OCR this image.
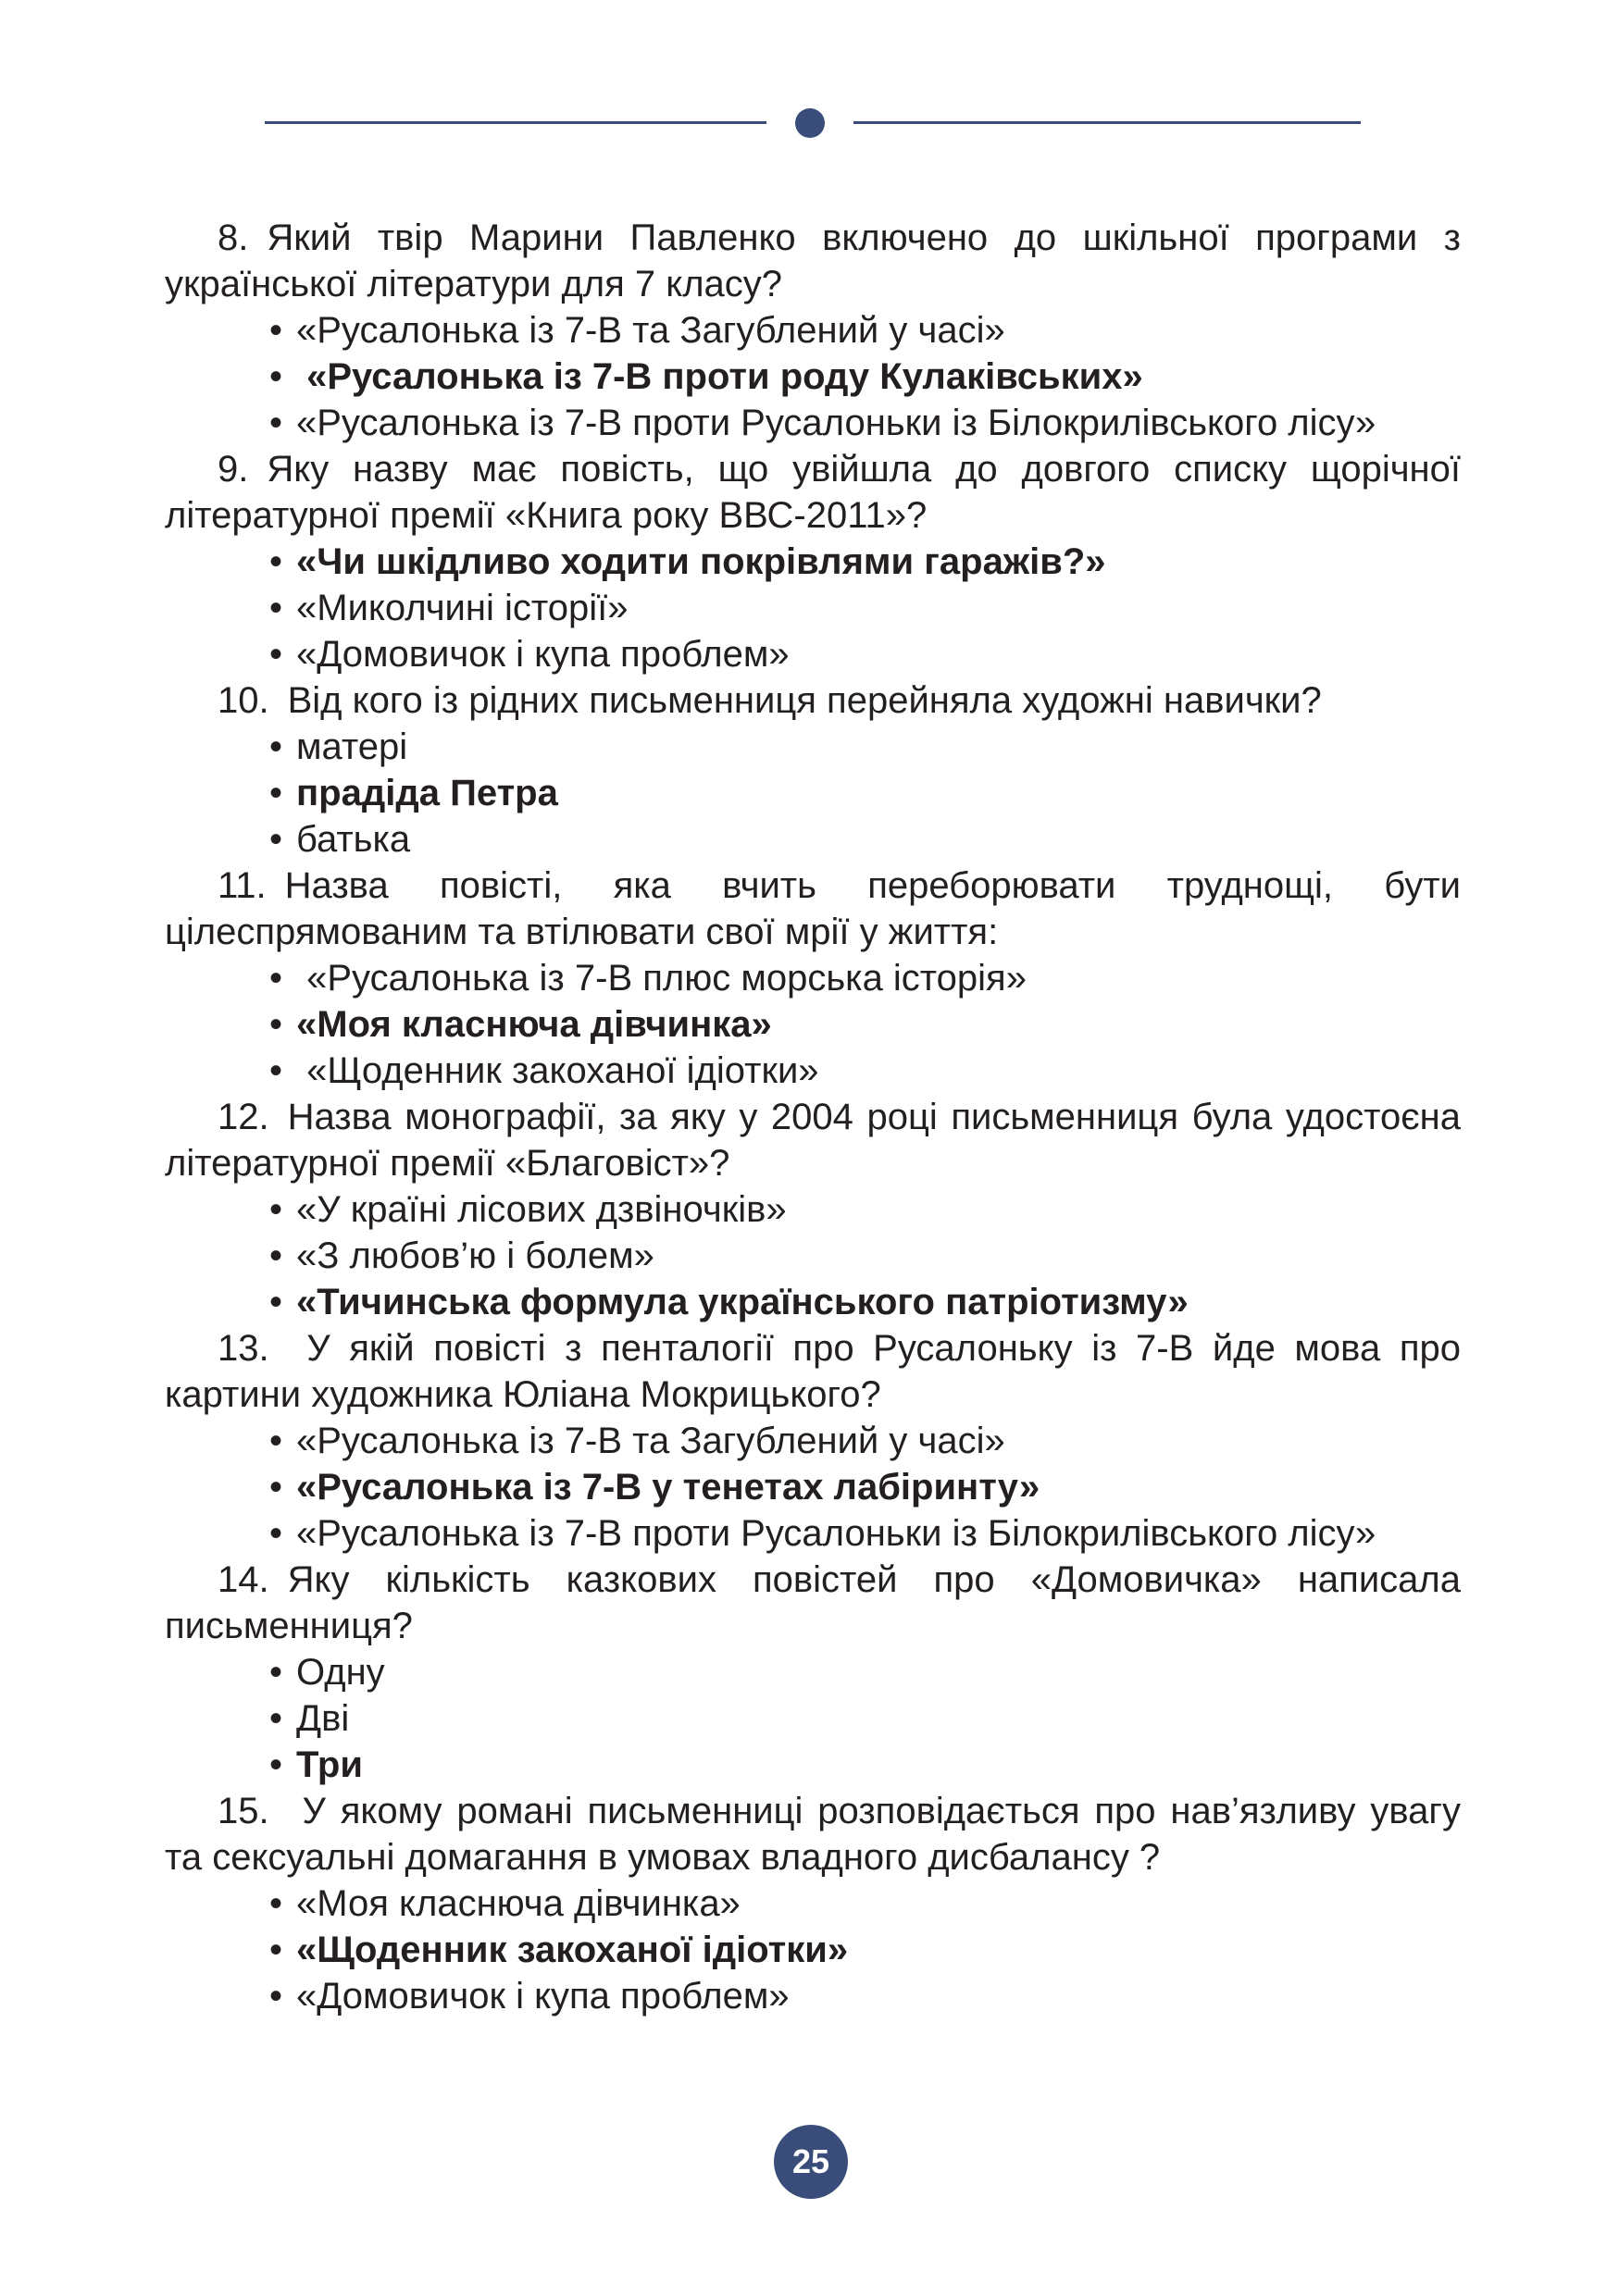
8. Який твір Марини Павленко включено до шкільної програми з української літератури для 7 класу?

• «Русалонька із 7-В та Загублений у часі»
• «Русалонька із 7-В проти роду Кулаківських»
• «Русалонька із 7-В проти Русалоньки із Білокрилівського лісу»

9. Яку назву має повість, що увійшла до довгого списку щорічної літературної премії «Книга року ВВС-2011»?

• «Чи шкідливо ходити покрівлями гаражів?»
• «Миколчині історії»
• «Домовичок і купа проблем»

10. Від кого із рідних письменниця перейняла художні навички?

• матері
• прадіда Петра
• батька

11. Назва повісті, яка вчить переборювати труднощі, бути цілеспрямованим та втілювати свої мрії у життя:

• «Русалонька із 7-В плюс морська історія»
• «Моя класнюча дівчинка»
• «Щоденник закоханої ідіотки»

12. Назва монографії, за яку у 2004 році письменниця була удостоєна літературної премії «Благовіст»?

• «У країні лісових дзвіночків»
• «З любов’ю і болем»
• «Тичинська формула українського патріотизму»

13. У якій повісті з пенталогії про Русалоньку із 7-В йде мова про картини художника Юліана Мокрицького?

• «Русалонька із 7-В та Загублений у часі»
• «Русалонька із 7-В у тенетах лабіринту»
• «Русалонька із 7-В проти Русалоньки із Білокрилівського лісу»

14. Яку кількість казкових повістей про «Домовичка» написала письменниця?

• Одну
• Дві
• Три

15. У якому романі письменниці розповідається про нав’язливу увагу та сексуальні домагання в умовах владного дисбалансу ?

• «Моя класнюча дівчинка»
• «Щоденник закоханої ідіотки»
• «Домовичок і купа проблем»
25
